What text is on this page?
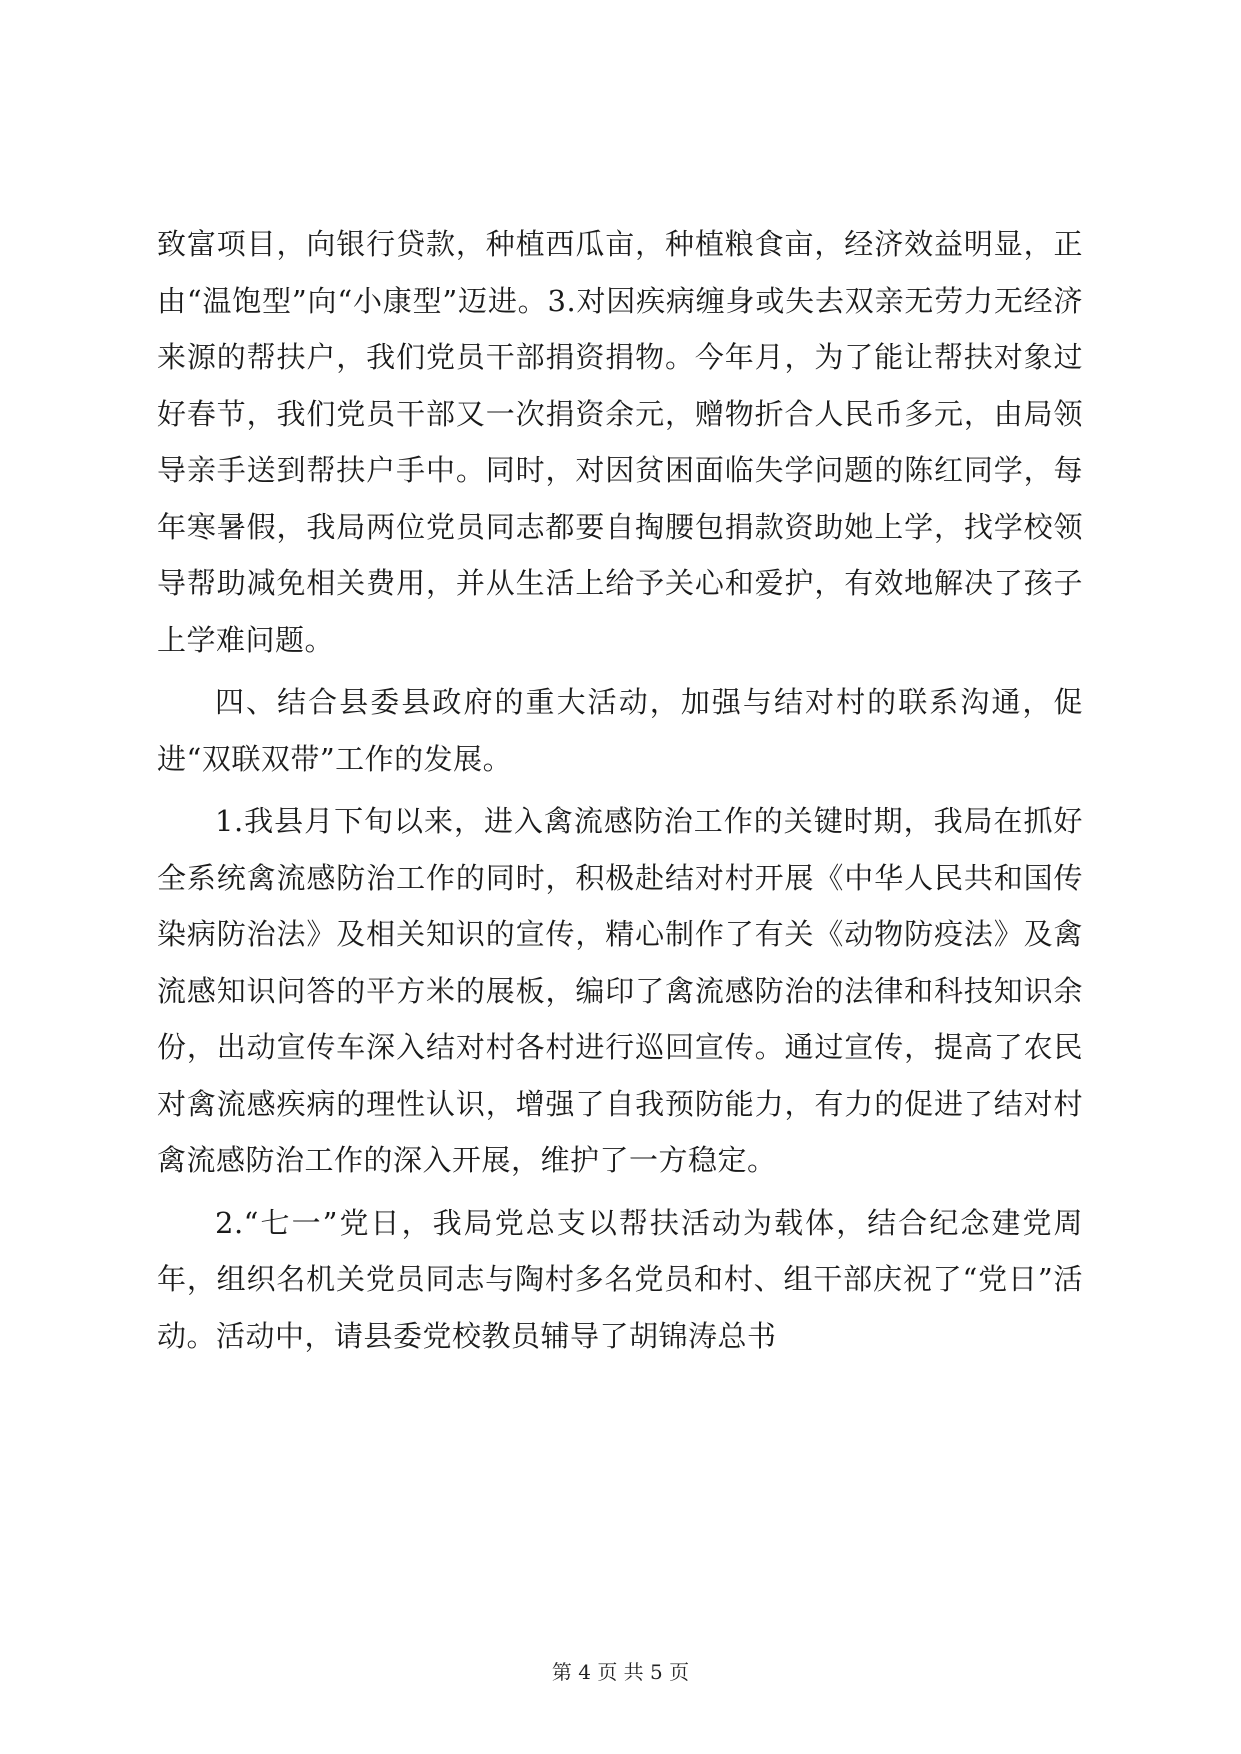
致富项目，向银行贷款，种植西瓜亩，种植粮食亩，经济效益明显，正由“温饱型”向“小康型”迈进。3.对因疾病缠身或失去双亲无劳力无经济来源的帮扶户，我们党员干部捐资捐物。今年月，为了能让帮扶对象过好春节，我们党员干部又一次捐资余元，赠物折合人民币多元，由局领导亲手送到帮扶户手中。同时，对因贫困面临失学问题的陈红同学，每年寒暑假，我局两位党员同志都要自掏腰包捐款资助她上学，找学校领导帮助减免相关费用，并从生活上给予关心和爱护，有效地解决了孩子上学难问题。

四、结合县委县政府的重大活动，加强与结对村的联系沟通，促进“双联双带”工作的发展。

1.我县月下旬以来，进入禽流感防治工作的关键时期，我局在抓好全系统禽流感防治工作的同时，积极赴结对村开展《中华人民共和国传染病防治法》及相关知识的宣传，精心制作了有关《动物防疫法》及禽流感知识问答的平方米的展板，编印了禽流感防治的法律和科技知识余份，出动宣传车深入结对村各村进行巡回宣传。通过宣传，提高了农民对禽流感疾病的理性认识，增强了自我预防能力，有力的促进了结对村禽流感防治工作的深入开展，维护了一方稳定。

2.“七一”党日，我局党总支以帮扶活动为载体，结合纪念建党周年，组织名机关党员同志与陶村多名党员和村、组干部庆祝了“党日”活动。活动中，请县委党校教员辅导了胡锦涛总书

第 4 页 共 5 页
